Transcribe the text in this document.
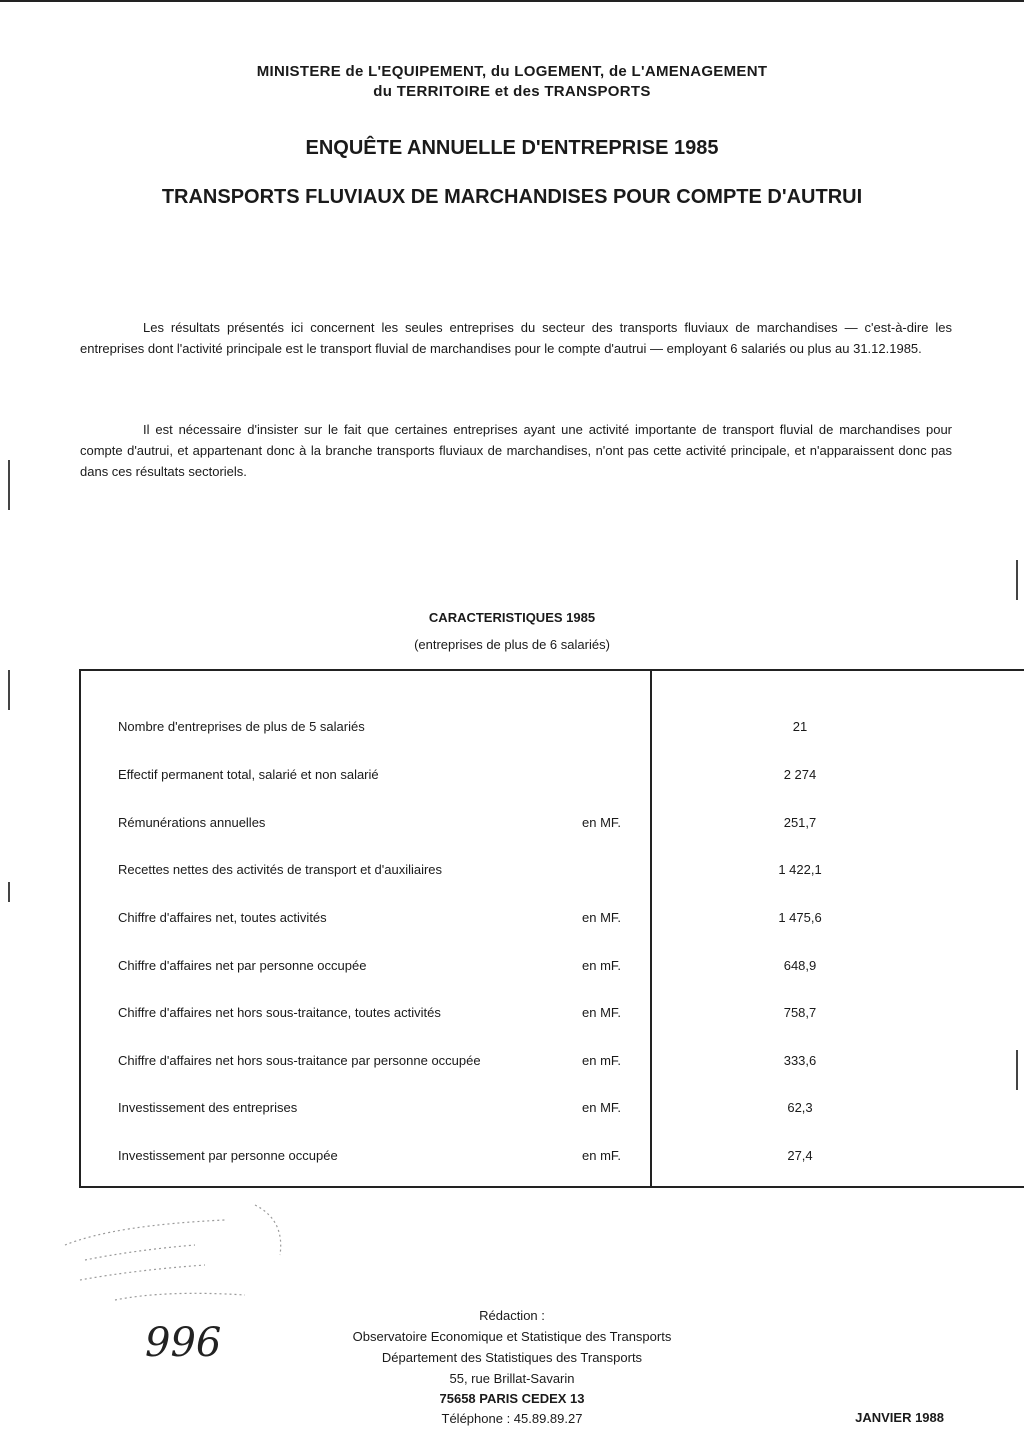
MINISTERE de L'EQUIPEMENT, du LOGEMENT, de L'AMENAGEMENT
du TERRITOIRE et des TRANSPORTS
ENQUÊTE ANNUELLE D'ENTREPRISE 1985
TRANSPORTS FLUVIAUX DE MARCHANDISES POUR COMPTE D'AUTRUI
Les résultats présentés ici concernent les seules entreprises du secteur des transports fluviaux de marchandises — c'est-à-dire les entreprises dont l'activité principale est le transport fluvial de marchandises pour le compte d'autrui — employant 6 salariés ou plus au 31.12.1985.
Il est nécessaire d'insister sur le fait que certaines entreprises ayant une activité importante de transport fluvial de marchandises pour compte d'autrui, et appartenant donc à la branche transports fluviaux de marchandises, n'ont pas cette activité principale, et n'apparaissent donc pas dans ces résultats sectoriels.
CARACTERISTIQUES 1985
(entreprises de plus de 6 salariés)
Nombre d'entreprises de plus de 5 salariés	21
Effectif permanent total, salarié et non salarié	2 274
Rémunérations annuelles	en MF.	251,7
Recettes nettes des activités de transport et d'auxiliaires	1 422,1
Chiffre d'affaires net, toutes activités	en MF.	1 475,6
Chiffre d'affaires net par personne occupée	en mF.	648,9
Chiffre d'affaires net hors sous-traitance, toutes activités	en MF.	758,7
Chiffre d'affaires net hors sous-traitance par personne occupée	en mF.	333,6
Investissement des entreprises	en MF.	62,3
Investissement par personne occupée	en mF.	27,4
996
Rédaction :
Observatoire Economique et Statistique des Transports
Département des Statistiques des Transports
55, rue Brillat-Savarin
75658 PARIS CEDEX 13
Téléphone : 45.89.89.27	JANVIER 1988
